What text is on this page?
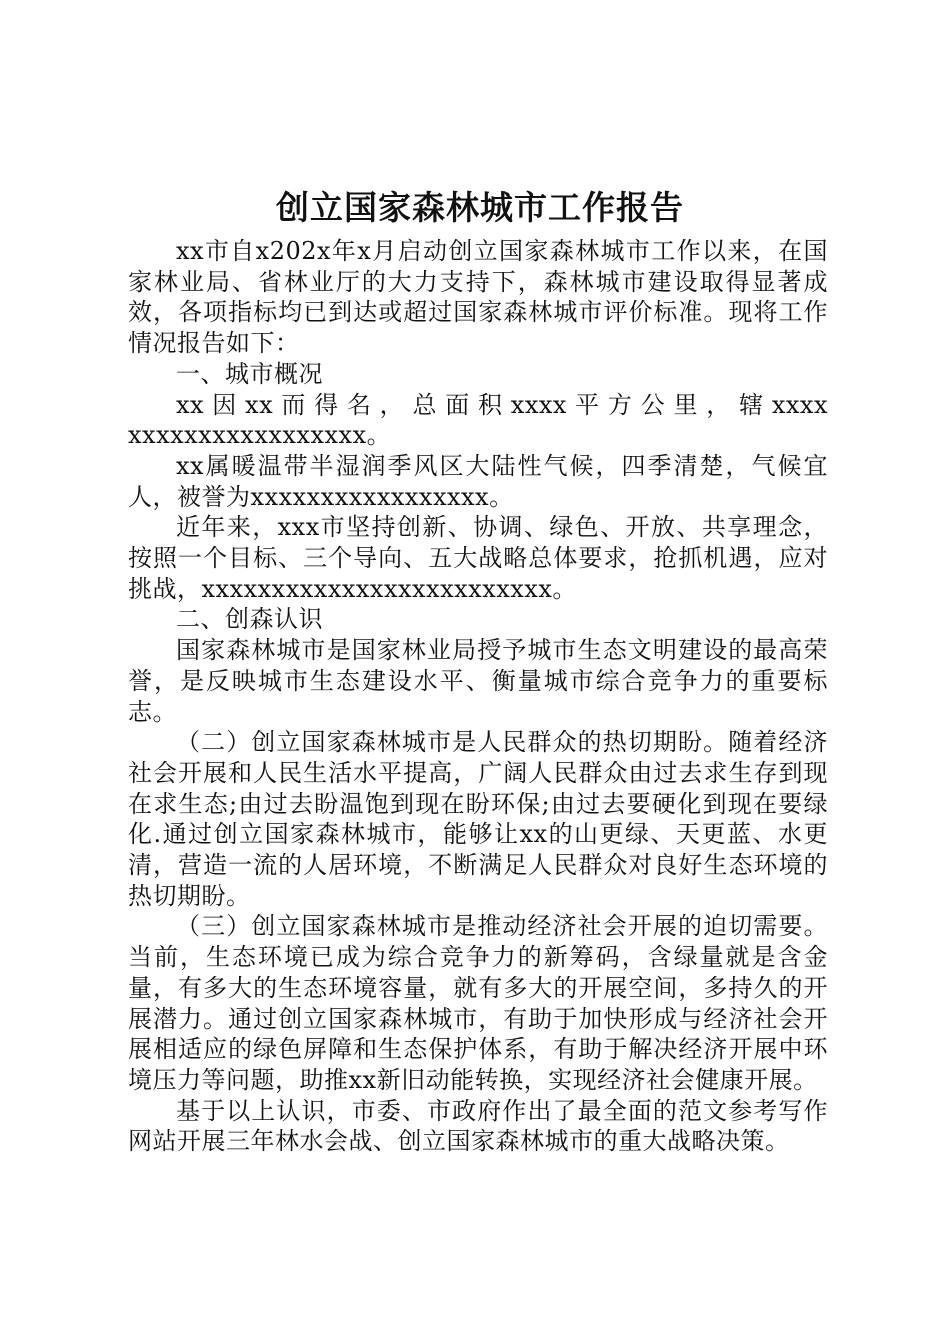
创立国家森林城市工作报告

xx市自x202x年x月启动创立国家森林城市工作以来，在国家林业局、省林业厅的大力支持下，森林城市建设取得显著成效，各项指标均已到达或超过国家森林城市评价标准。现将工作情况报告如下：

一、城市概况

xx 因 xx 而 得 名 ， 总 面 积 xxxx 平 方 公 里 ， 辖 xxxxxxxxxxxxxxxxxxxxx。

xx属暖温带半湿润季风区大陆性气候，四季清楚，气候宜人，被誉为xxxxxxxxxxxxxxxxx。

近年来，xxx市坚持创新、协调、绿色、开放、共享理念，按照一个目标、三个导向、五大战略总体要求，抢抓机遇，应对挑战，xxxxxxxxxxxxxxxxxxxxxxxxx。

二、创森认识

国家森林城市是国家林业局授予城市生态文明建设的最高荣誉，是反映城市生态建设水平、衡量城市综合竞争力的重要标志。

（二）创立国家森林城市是人民群众的热切期盼。随着经济社会开展和人民生活水平提高，广阔人民群众由过去求生存到现在求生态;由过去盼温饱到现在盼环保;由过去要硬化到现在要绿化.通过创立国家森林城市，能够让xx的山更绿、天更蓝、水更清，营造一流的人居环境，不断满足人民群众对良好生态环境的热切期盼。

（三）创立国家森林城市是推动经济社会开展的迫切需要。当前，生态环境已成为综合竞争力的新筹码，含绿量就是含金量，有多大的生态环境容量，就有多大的开展空间，多持久的开展潜力。通过创立国家森林城市，有助于加快形成与经济社会开展相适应的绿色屏障和生态保护体系，有助于解决经济开展中环境压力等问题，助推xx新旧动能转换，实现经济社会健康开展。

基于以上认识，市委、市政府作出了最全面的范文参考写作网站开展三年林水会战、创立国家森林城市的重大战略决策。
